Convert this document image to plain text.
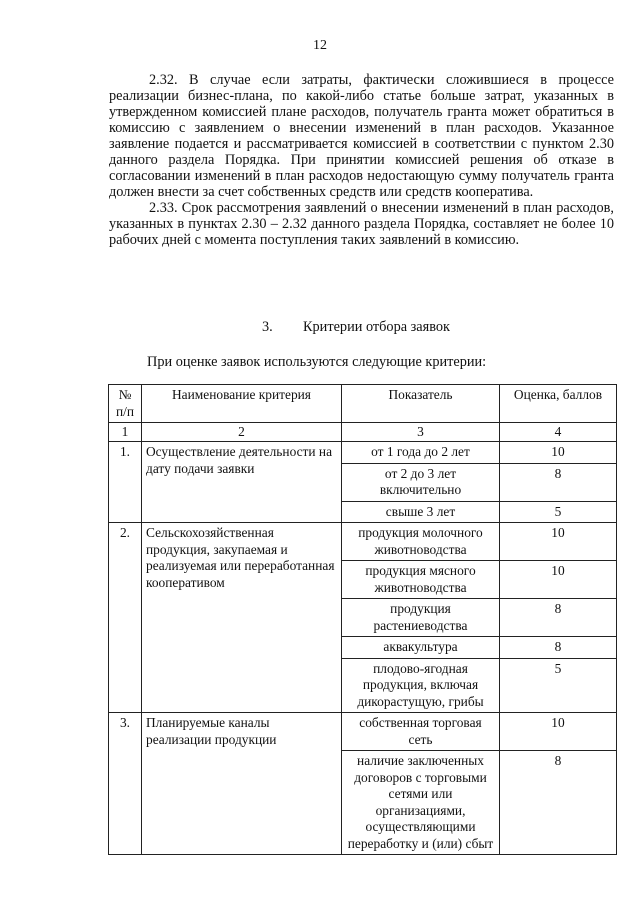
12

2.32. В случае если затраты, фактически сложившиеся в процессе реализации бизнес-плана, по какой-либо статье больше затрат, указанных в утвержденном комиссией плане расходов, получатель гранта может обратиться в комиссию с заявлением о внесении изменений в план расходов. Указанное заявление подается и рассматривается комиссией в соответствии с пунктом 2.30 данного раздела Порядка. При принятии комиссией решения об отказе в согласовании изменений в план расходов недостающую сумму получатель гранта должен внести за счет собственных средств или средств кооператива.

2.33. Срок рассмотрения заявлений о внесении изменений в план расходов, указанных в пунктах 2.30 – 2.32 данного раздела Порядка, составляет не более 10 рабочих дней с момента поступления таких заявлений в комиссию.

3. Критерии отбора заявок
При оценке заявок используются следующие критерии:
№ п/п	Наименование критерия	Показатель	Оценка, баллов
1	2	3	4
1.	Осуществление деятельности на дату подачи заявки	от 1 года до 2 лет	10
		от 2 до 3 лет включительно	8
		свыше 3 лет	5
2.	Сельскохозяйственная продукция, закупаемая и реализуемая или переработанная кооперативом	продукция молочного животноводства	10
		продукция мясного животноводства	10
		продукция растениеводства	8
		аквакультура	8
		плодово-ягодная продукция, включая дикорастущую, грибы	5
3.	Планируемые каналы реализации продукции	собственная торговая сеть	10
		наличие заключенных договоров с торговыми сетями или организациями, осуществляющими переработку и (или) сбыт	8
